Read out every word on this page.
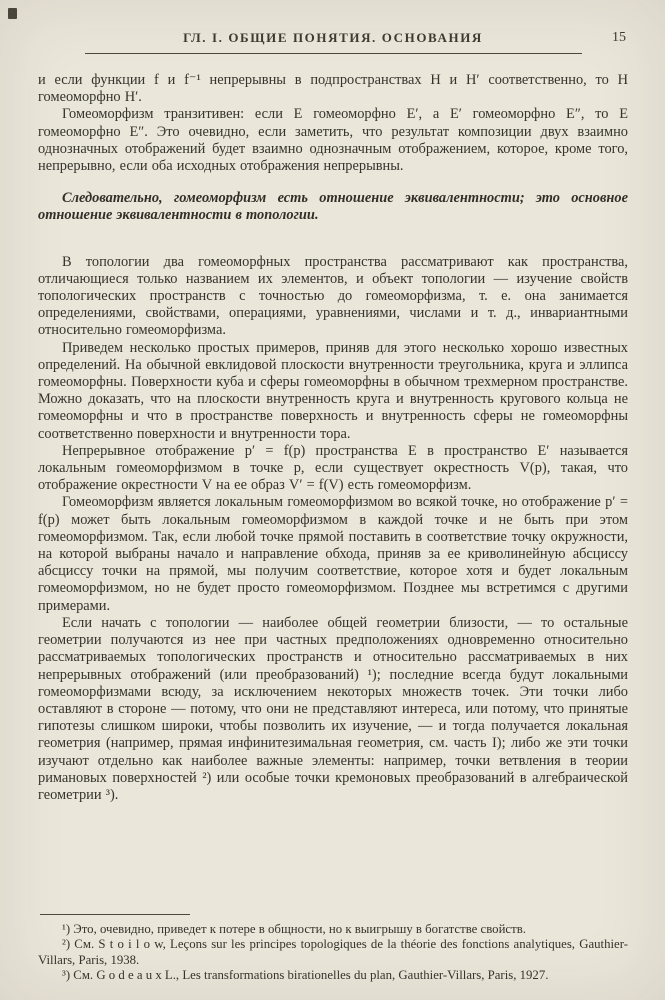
ГЛ. I. ОБЩИЕ ПОНЯТИЯ. ОСНОВАНИЯ	15

и если функции f и f⁻¹ непрерывны в подпространствах H и H′ соответственно, то H гомеоморфно H′.

Гомеоморфизм транзитивен: если E гомеоморфно E′, а E′ гомеоморфно E″, то E гомеоморфно E″. Это очевидно, если заметить, что результат композиции двух взаимно однозначных отображений будет взаимно однозначным отображением, которое, кроме того, непрерывно, если оба исходных отображения непрерывны.

Следовательно, гомеоморфизм есть отношение эквивалентности; это основное отношение эквивалентности в топологии.

В топологии два гомеоморфных пространства рассматривают как пространства, отличающиеся только названием их элементов, и объект топологии — изучение свойств топологических пространств с точностью до гомеоморфизма, т. е. она занимается определениями, свойствами, операциями, уравнениями, числами и т. д., инвариантными относительно гомеоморфизма.

Приведем несколько простых примеров, приняв для этого несколько хорошо известных определений. На обычной евклидовой плоскости внутренности треугольника, круга и эллипса гомеоморфны. Поверхности куба и сферы гомеоморфны в обычном трехмерном пространстве. Можно доказать, что на плоскости внутренность круга и внутренность кругового кольца не гомеоморфны и что в пространстве поверхность и внутренность сферы не гомеоморфны соответственно поверхности и внутренности тора.

Непрерывное отображение p′ = f(p) пространства E в пространство E′ называется локальным гомеоморфизмом в точке p, если существует окрестность V(p), такая, что отображение окрестности V на ее образ V′ = f(V) есть гомеоморфизм.

Гомеоморфизм является локальным гомеоморфизмом во всякой точке, но отображение p′ = f(p) может быть локальным гомеоморфизмом в каждой точке и не быть при этом гомеоморфизмом. Так, если любой точке прямой поставить в соответствие точку окружности, на которой выбраны начало и направление обхода, приняв за ее криволинейную абсциссу абсциссу точки на прямой, мы получим соответствие, которое хотя и будет локальным гомеоморфизмом, но не будет просто гомеоморфизмом. Позднее мы встретимся с другими примерами.

Если начать с топологии — наиболее общей геометрии близости, — то остальные геометрии получаются из нее при частных предположениях одновременно относительно рассматриваемых топологических пространств и относительно рассматриваемых в них непрерывных отображений (или преобразований) ¹); последние всегда будут локальными гомеоморфизмами всюду, за исключением некоторых множеств точек. Эти точки либо оставляют в стороне — потому, что они не представляют интереса, или потому, что принятые гипотезы слишком широки, чтобы позволить их изучение, — и тогда получается локальная геометрия (например, прямая инфинитезимальная геометрия, см. часть I); либо же эти точки изучают отдельно как наиболее важные элементы: например, точки ветвления в теории римановых поверхностей ²) или особые точки кремоновых преобразований в алгебраической геометрии ³).

¹) Это, очевидно, приведет к потере в общности, но к выигрышу в богатстве свойств.

²) См. S t o i l o w, Leçons sur les principes topologiques de la théorie des fonctions analytiques, Gauthier-Villars, Paris, 1938.

³) См. G o d e a u x L., Les transformations birationelles du plan, Gauthier-Villars, Paris, 1927.
